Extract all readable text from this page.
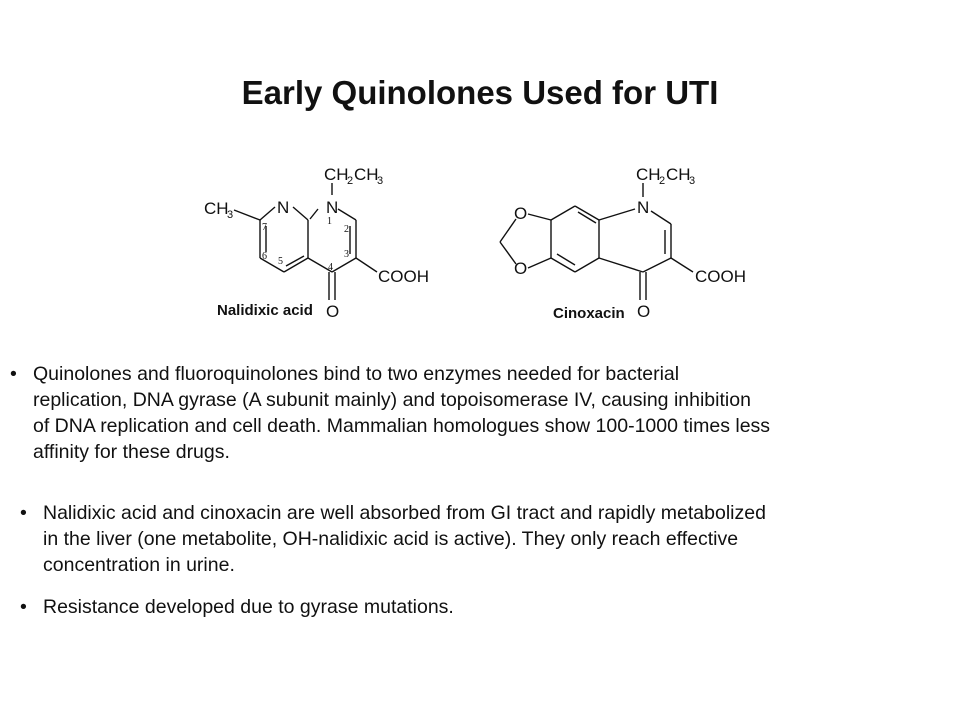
Early Quinolones Used for UTI
CH
2 CH
3
CH
3	N N
COOH
O
1
2
3
4
5
6
7
Nalidixic acid
CH
2 CH
3
N
O
O	COOH
O
Cinoxacin
• Quinolones and fluoroquinolones bind to two enzymes needed for bacterial
replication, DNA gyrase (A subunit mainly) and topoisomerase IV, causing inhibition
of DNA replication and cell death. Mammalian homologues show 100-1000 times less
affinity for these drugs.
• Nalidixic acid and cinoxacin are well absorbed from GI tract and rapidly metabolized
in the liver (one metabolite, OH-nalidixic acid is active). They only reach effective
concentration in urine.
• Resistance developed due to gyrase mutations.
